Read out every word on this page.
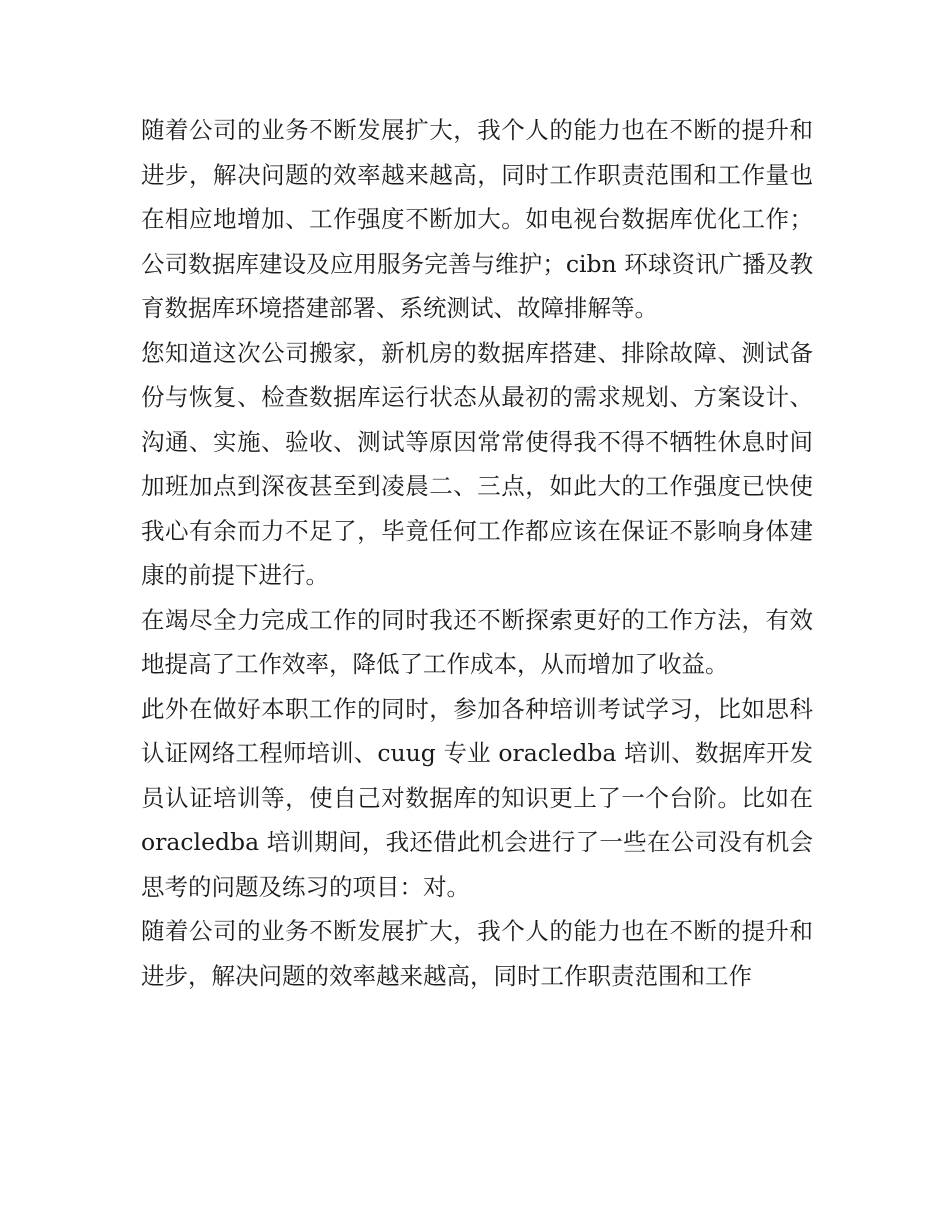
随着公司的业务不断发展扩大，我个人的能力也在不断的提升和进步，解决问题的效率越来越高，同时工作职责范围和工作量也在相应地增加、工作强度不断加大。如电视台数据库优化工作；公司数据库建设及应用服务完善与维护；cibn 环球资讯广播及教育数据库环境搭建部署、系统测试、故障排解等。

您知道这次公司搬家，新机房的数据库搭建、排除故障、测试备份与恢复、检查数据库运行状态从最初的需求规划、方案设计、沟通、实施、验收、测试等原因常常使得我不得不牺牲休息时间加班加点到深夜甚至到凌晨二、三点，如此大的工作强度已快使我心有余而力不足了，毕竟任何工作都应该在保证不影响身体建康的前提下进行。

在竭尽全力完成工作的同时我还不断探索更好的工作方法，有效地提高了工作效率，降低了工作成本，从而增加了收益。

此外在做好本职工作的同时，参加各种培训考试学习，比如思科认证网络工程师培训、cuug 专业 oracledba 培训、数据库开发员认证培训等，使自己对数据库的知识更上了一个台阶。比如在 oracledba 培训期间，我还借此机会进行了一些在公司没有机会思考的问题及练习的项目：对。

随着公司的业务不断发展扩大，我个人的能力也在不断的提升和进步，解决问题的效率越来越高，同时工作职责范围和工作
